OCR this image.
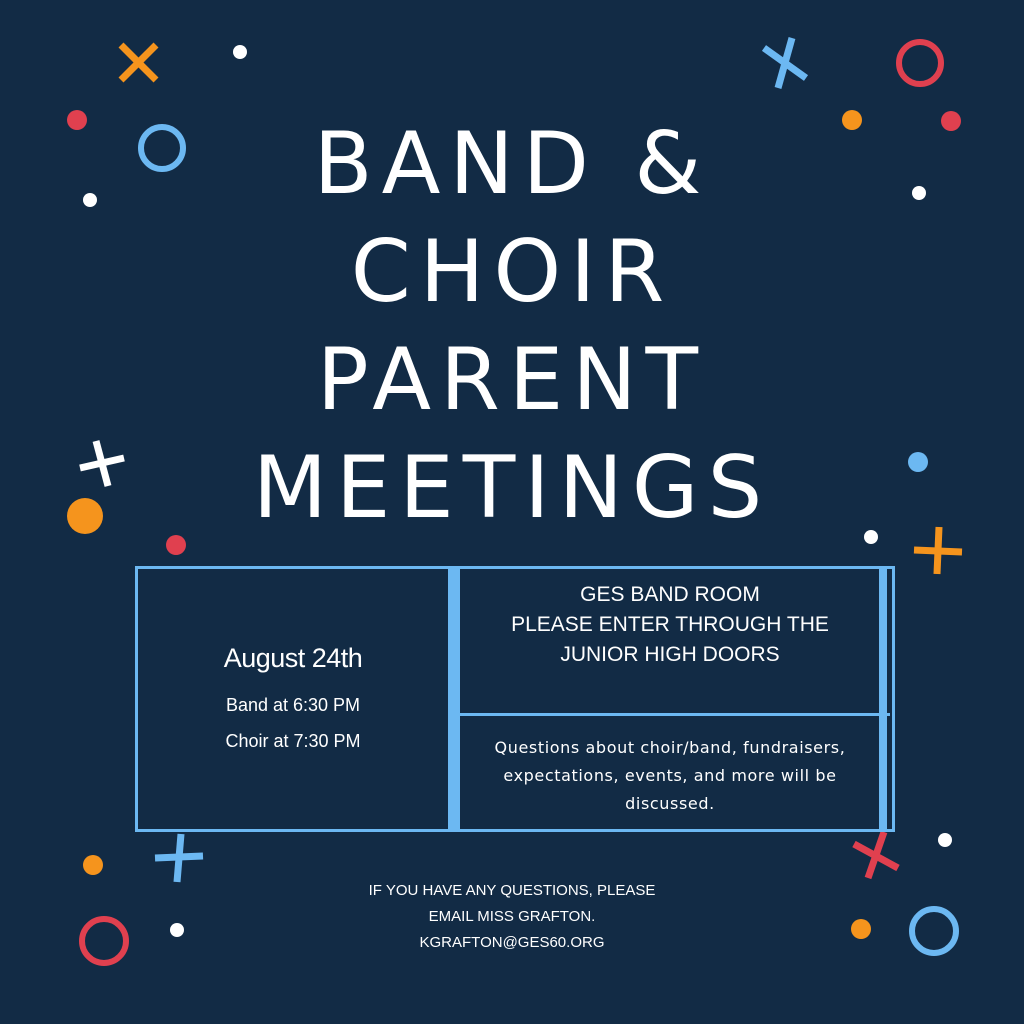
BAND &
CHOIR
PARENT
MEETINGS
August 24th
Band at 6:30 PM
Choir at 7:30 PM
GES BAND ROOM
PLEASE ENTER THROUGH THE
JUNIOR HIGH DOORS
Questions about choir/band, fundraisers, expectations, events, and more will be discussed.
IF YOU HAVE ANY QUESTIONS, PLEASE
EMAIL MISS GRAFTON.
KGRAFTON@GES60.ORG
